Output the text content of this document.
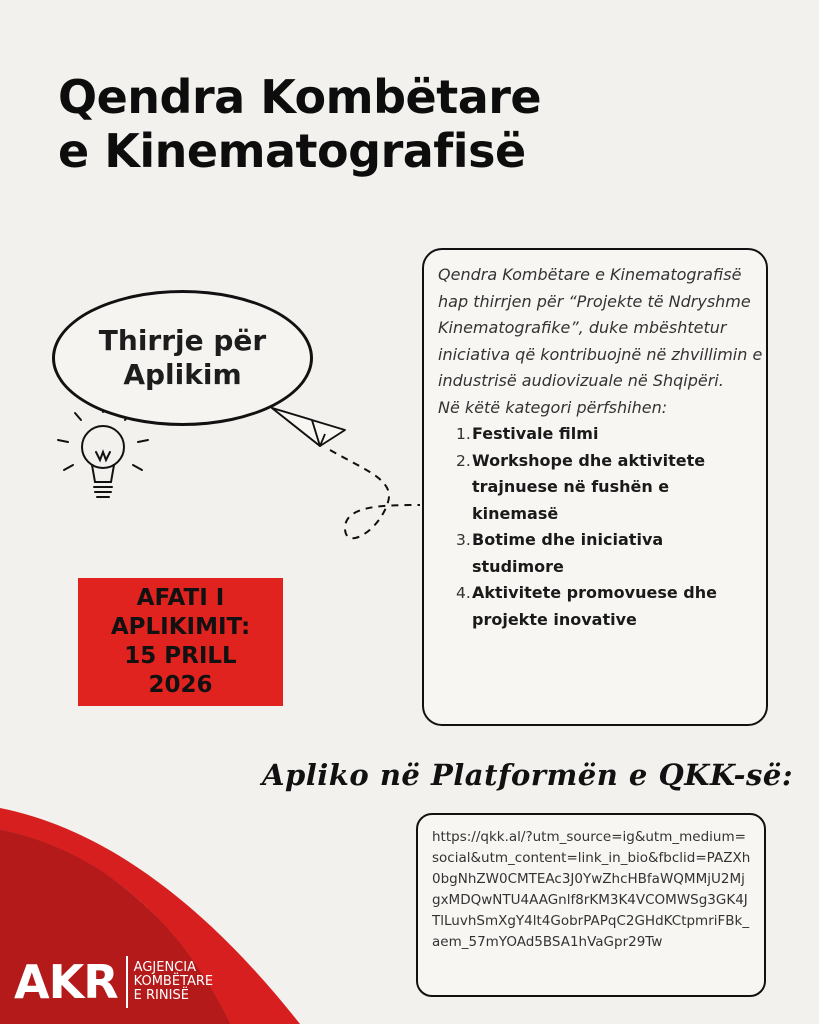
Qendra Kombëtare
e Kinematografisë
Thirrje për
Aplikim
AFATI I
APLIKIMIT:
15 PRILL
2026

Qendra Kombëtare e Kinematografisë hap thirrjen për “Projekte të Ndryshme Kinematografike”, duke mbështetur iniciativa që kontribuojnë në zhvillimin e industrisë audiovizuale në Shqipëri.

Në këtë kategori përfshihen:

1. Festivale filmi
2. Workshope dhe aktivitete trajnuese në fushën e kinemasë
3. Botime dhe iniciativa studimore
4. Aktivitete promovuese dhe projekte inovative
Apliko në Platformën e QKK-së:
https://qkk.al/?utm_source=ig&utm_medium=social&utm_content=link_in_bio&fbclid=PAZXh0bgNhZW0CMTEAc3J0YwZhcHBfaWQMMjU2MjgxMDQwNTU4AAGnlf8rKM3K4VCOMWSg3GK4JTlLuvhSmXgY4lt4GobrPAPqC2GHdKCtpmriFBk_aem_57mYOAd5BSA1hVaGpr29Tw
AKR AGJENCIA
KOMBËTARE
E RINISË
